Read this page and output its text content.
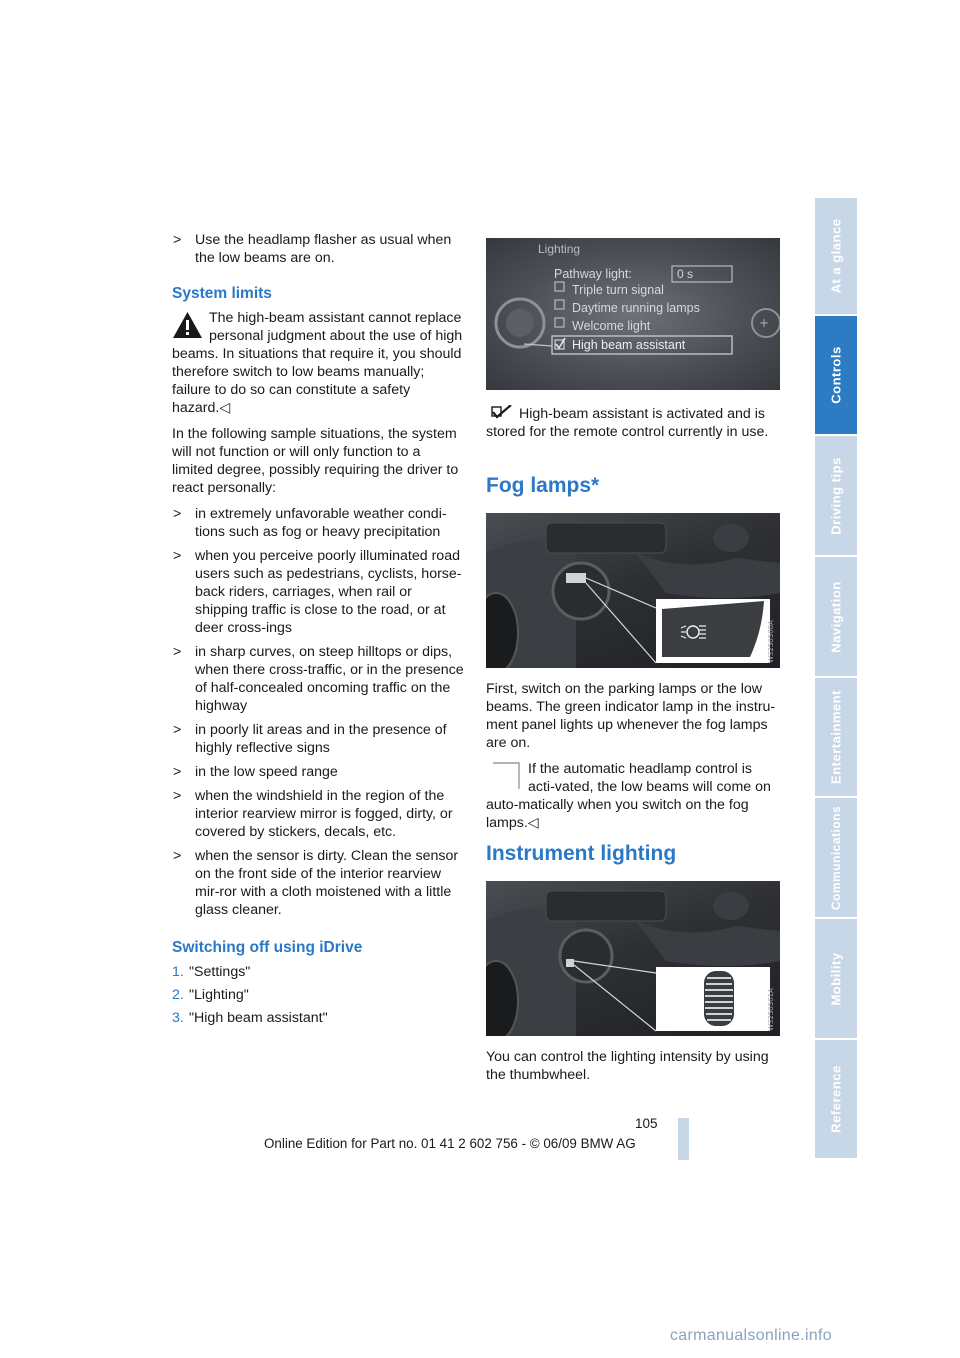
> Use the headlamp flasher as usual when the low beams are on.
System limits

The high-beam assistant cannot replace personal judgment about the use of high beams. In situations that require it, you should therefore switch to low beams manually; failure to do so can constitute a safety hazard.◁

In the following sample situations, the system will not function or will only function to a limited degree, possibly requiring the driver to react personally:

> in extremely unfavorable weather condi-tions such as fog or heavy precipitation
> when you perceive poorly illuminated road users such as pedestrians, cyclists, horse-back riders, carriages, when rail or shipping traffic is close to the road, or at deer cross-ings
> in sharp curves, on steep hilltops or dips, when there cross-traffic, or in the presence of half-concealed oncoming traffic on the highway
> in poorly lit areas and in the presence of highly reflective signs
> in the low speed range
> when the windshield in the region of the interior rearview mirror is fogged, dirty, or covered by stickers, decals, etc.
> when the sensor is dirty. Clean the sensor on the front side of the interior rearview mir-ror with a cloth moistened with a little glass cleaner.
Switching off using iDrive
1. "Settings"
2. "Lighting"
3. "High beam assistant"
+
Lighting
Pathway light:	0 s
Triple turn signal
Daytime running lamps
Welcome light
High beam assistant
High-beam assistant is activated and is stored for the remote control currently in use.
Fog lamps*
W3250500A

First, switch on the parking lamps or the low beams. The green indicator lamp in the instru-ment panel lights up whenever the fog lamps are on.

If the automatic headlamp control is acti-vated, the low beams will come on auto-matically when you switch on the fog lamps.◁

Instrument lighting
W3250501A
You can control the lighting intensity by using the thumbwheel.
At a glance
Controls
Driving tips
Navigation
Entertainment
Communications
Mobility
Reference
105
Online Edition for Part no. 01 41 2 602 756 - © 06/09 BMW AG
carmanualsonline.info
